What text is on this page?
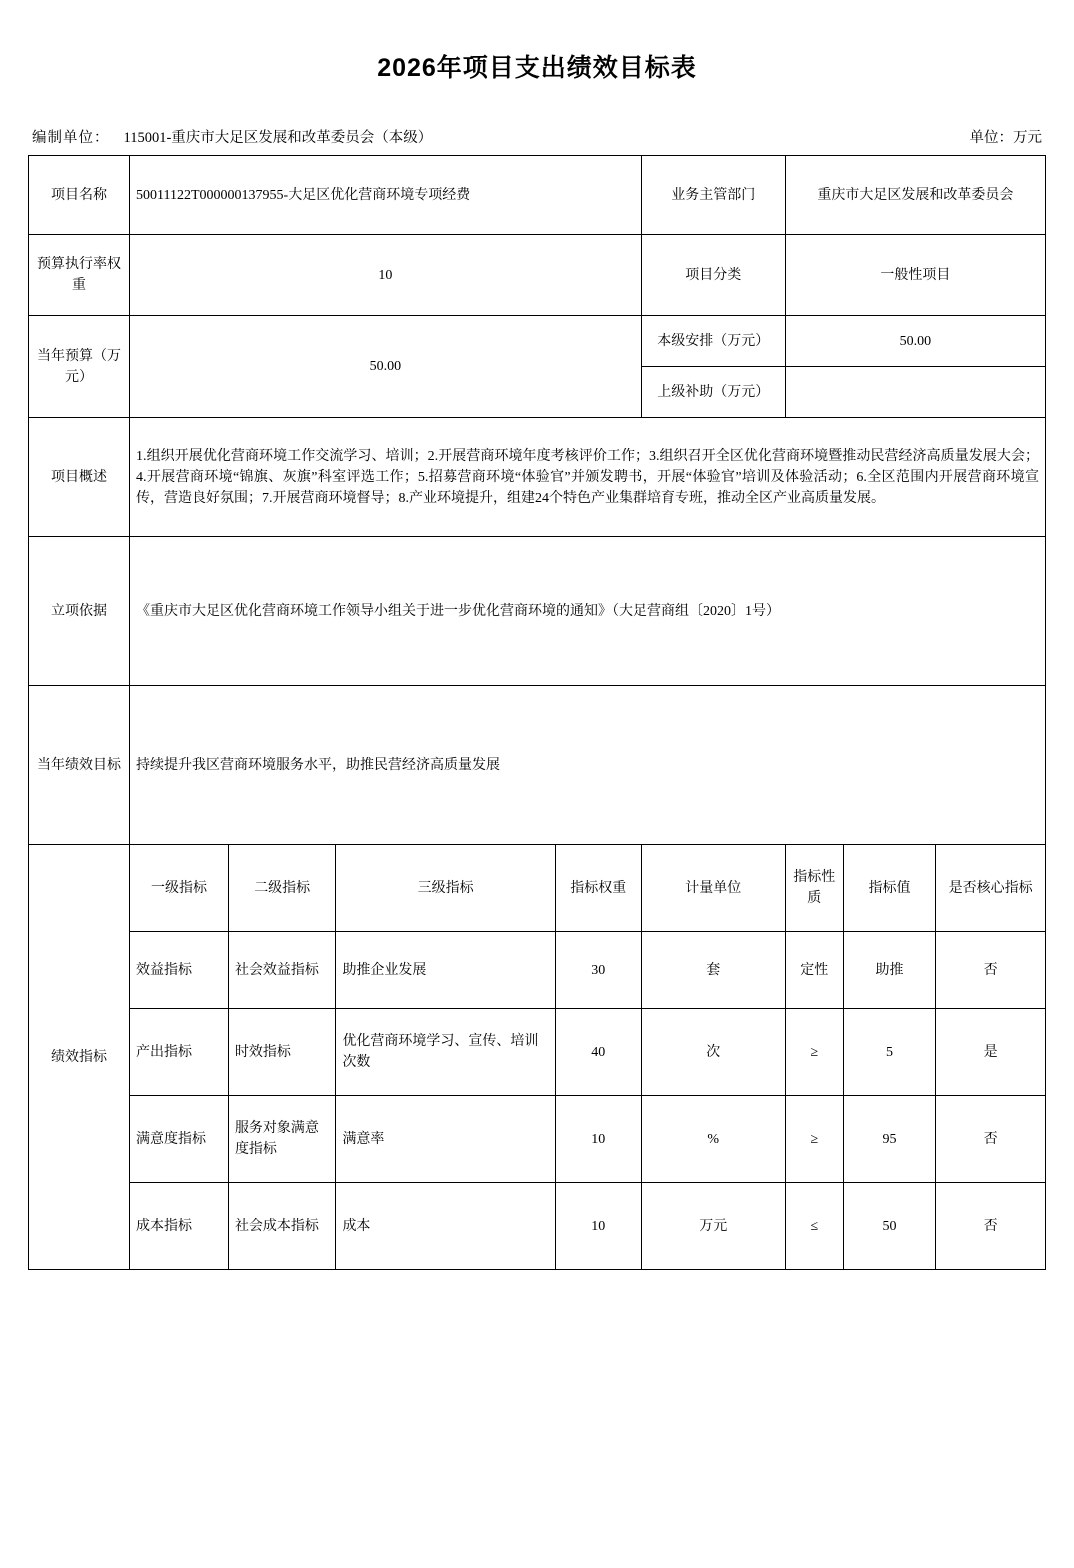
2026年项目支出绩效目标表
编制单位： 115001-重庆市大足区发展和改革委员会（本级）	单位：万元
项目名称	50011122T000000137955-大足区优化营商环境专项经费				业务主管部门	重庆市大足区发展和改革委员会		
预算执行率权重	10				项目分类	一般性项目		
当年预算（万元）	50.00				本级安排（万元）	50.00		
					上级补助（万元）			
项目概述	1.组织开展优化营商环境工作交流学习、培训；2.开展营商环境年度考核评价工作；3.组织召开全区优化营商环境暨推动民营经济高质量发展大会；4.开展营商环境“锦旗、灰旗”科室评选工作；5.招募营商环境“体验官”并颁发聘书，开展“体验官”培训及体验活动；6.全区范围内开展营商环境宣传，营造良好氛围；7.开展营商环境督导；8.产业环境提升，组建24个特色产业集群培育专班，推动全区产业高质量发展。							
立项依据	《重庆市大足区优化营商环境工作领导小组关于进一步优化营商环境的通知》（大足营商组〔2020〕1号）							
当年绩效目标	持续提升我区营商环境服务水平，助推民营经济高质量发展							
绩效指标	一级指标	二级指标	三级指标	指标权重	计量单位	指标性质	指标值	是否核心指标
	效益指标	社会效益指标	助推企业发展	30	套	定性	助推	否
	产出指标	时效指标	优化营商环境学习、宣传、培训次数	40	次	≥	5	是
	满意度指标	服务对象满意度指标	满意率	10	%	≥	95	否
	成本指标	社会成本指标	成本	10	万元	≤	50	否
